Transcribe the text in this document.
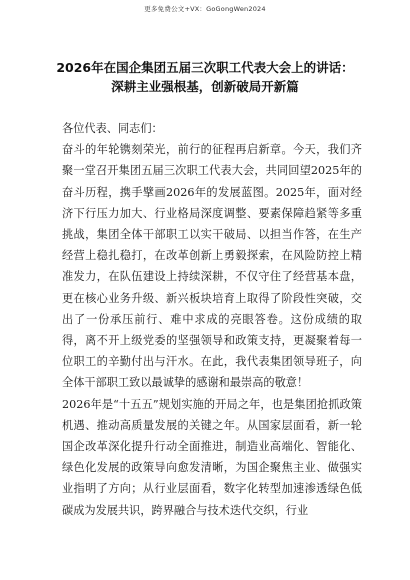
更多免费公文+VX：GoGongWen2024
2026年在国企集团五届三次职工代表大会上的讲话：
深耕主业强根基，创新破局开新篇

各位代表、同志们：

奋斗的年轮镌刻荣光，前行的征程再启新章。今天，我们齐聚一堂召开集团五届三次职工代表大会，共同回望2025年的奋斗历程，携手擘画2026年的发展蓝图。2025年，面对经济下行压力加大、行业格局深度调整、要素保障趋紧等多重挑战，集团全体干部职工以实干破局、以担当作答，在生产经营上稳扎稳打，在改革创新上勇毅探索，在风险防控上精准发力，在队伍建设上持续深耕，不仅守住了经营基本盘，更在核心业务升级、新兴板块培育上取得了阶段性突破，交出了一份承压前行、难中求成的亮眼答卷。这份成绩的取得，离不开上级党委的坚强领导和政策支持，更凝聚着每一位职工的辛勤付出与汗水。在此，我代表集团领导班子，向全体干部职工致以最诚挚的感谢和最崇高的敬意！

2026年是“十五五”规划实施的开局之年，也是集团抢抓政策机遇、推动高质量发展的关键之年。从国家层面看，新一轮国企改革深化提升行动全面推进，制造业高端化、智能化、绿色化发展的政策导向愈发清晰，为国企聚焦主业、做强实业指明了方向；从行业层面看，数字化转型加速渗透绿色低碳成为发展共识，跨界融合与技术迭代交织，行业
